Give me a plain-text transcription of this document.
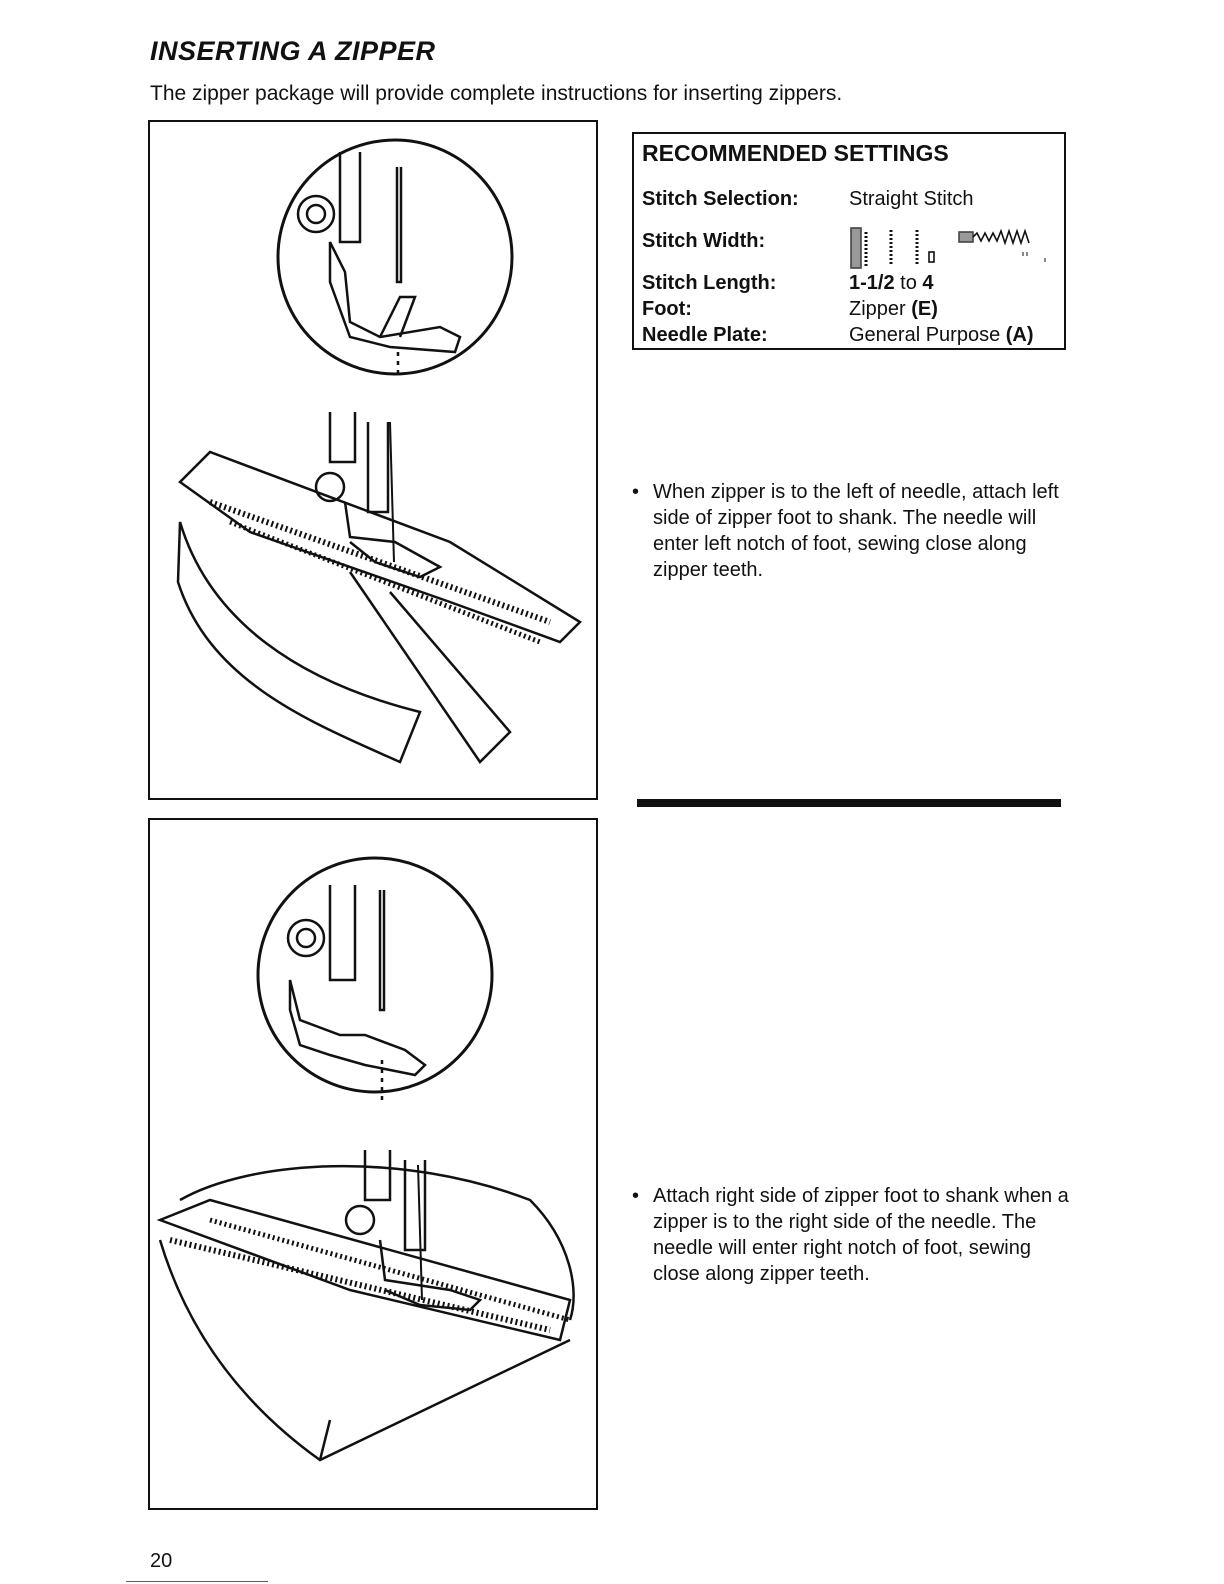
INSERTING A ZIPPER
The zipper package will provide complete instructions for inserting zippers.
RECOMMENDED SETTINGS
Stitch Selection:	Straight Stitch
Stitch Width:
Stitch Length:	1-1/2 to 4
Foot:	Zipper (E)
Needle Plate:	General Purpose (A)
• When zipper is to the left of needle, attach left side of zipper foot to shank. The needle will enter left notch of foot, sewing close along zipper teeth.
• Attach right side of zipper foot to shank when a zipper is to the right side of the needle. The needle will enter right notch of foot, sewing close along zipper teeth.
20
